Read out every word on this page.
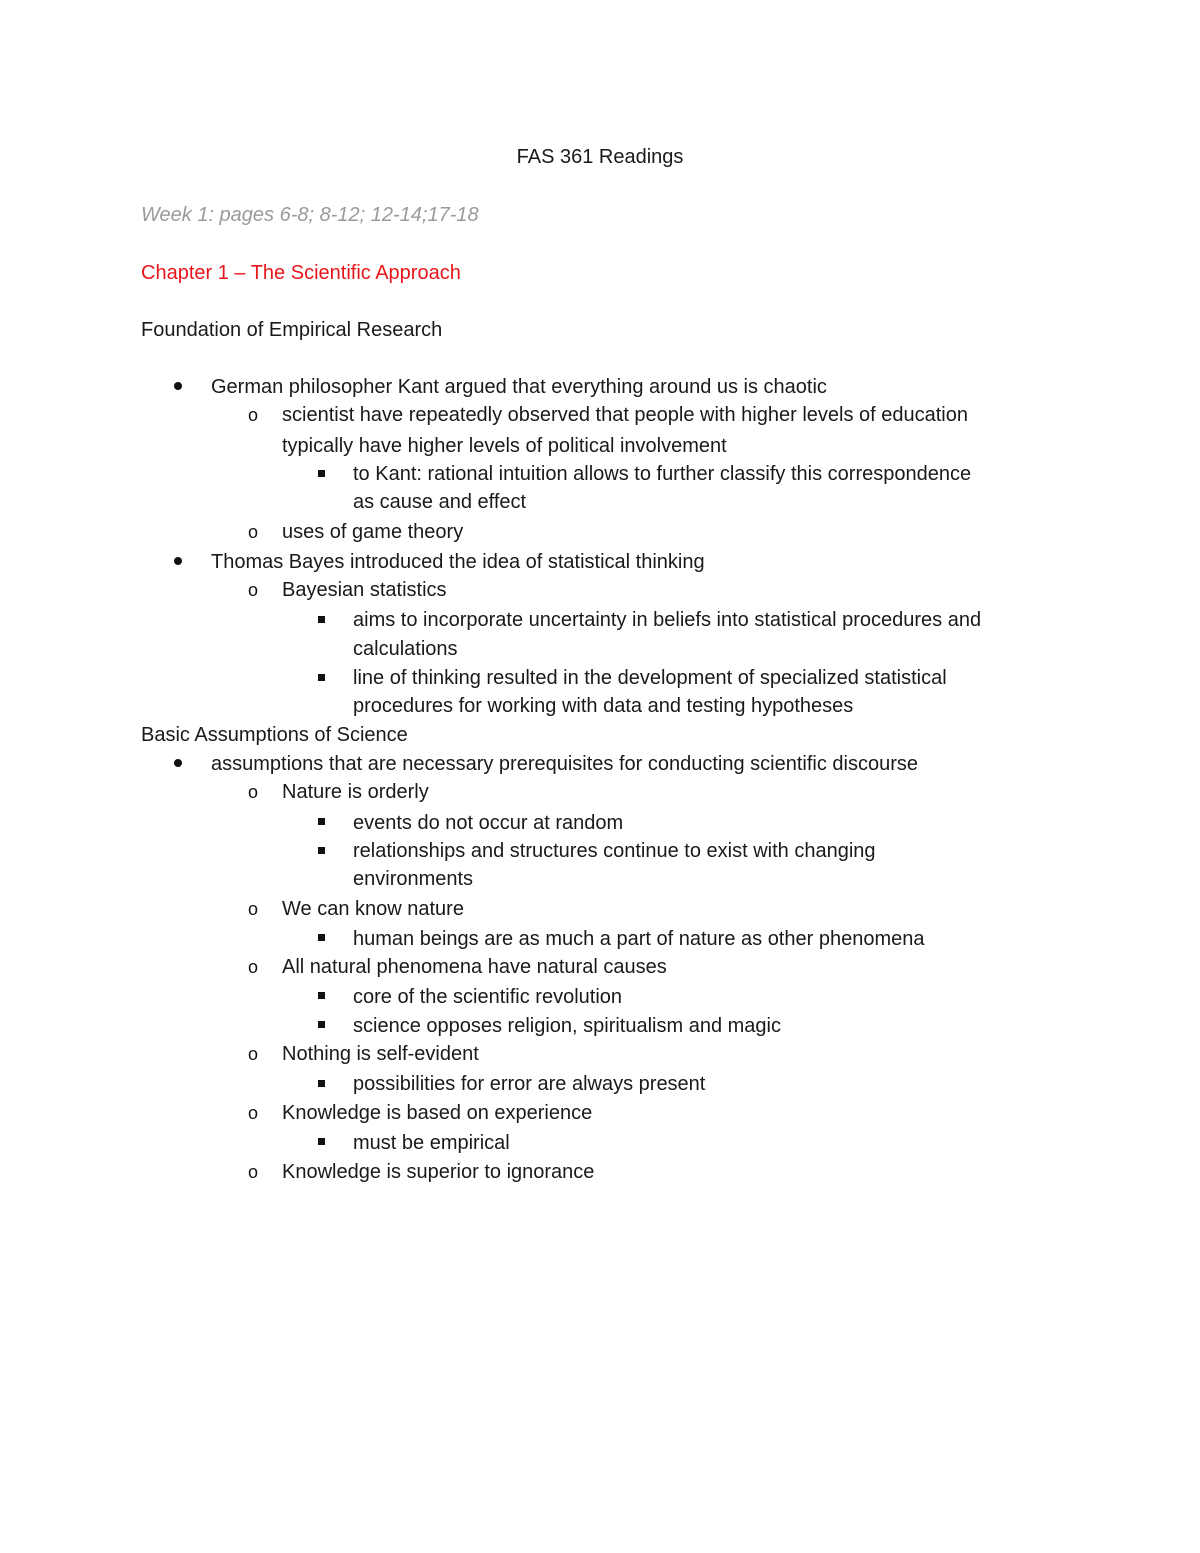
FAS 361 Readings
Week 1: pages 6-8; 8-12; 12-14;17-18
Chapter 1 – The Scientific Approach
Foundation of Empirical Research
German philosopher Kant argued that everything around us is chaotic
o scientist have repeatedly observed that people with higher levels of education
typically have higher levels of political involvement
to Kant: rational intuition allows to further classify this correspondence
as cause and effect
o uses of game theory
Thomas Bayes introduced the idea of statistical thinking
o Bayesian statistics
aims to incorporate uncertainty in beliefs into statistical procedures and
calculations
line of thinking resulted in the development of specialized statistical
procedures for working with data and testing hypotheses
Basic Assumptions of Science
assumptions that are necessary prerequisites for conducting scientific discourse
o Nature is orderly
events do not occur at random
relationships and structures continue to exist with changing
environments
o We can know nature
human beings are as much a part of nature as other phenomena
o All natural phenomena have natural causes
core of the scientific revolution
science opposes religion, spiritualism and magic
o Nothing is self-evident
possibilities for error are always present
o Knowledge is based on experience
must be empirical
o Knowledge is superior to ignorance
